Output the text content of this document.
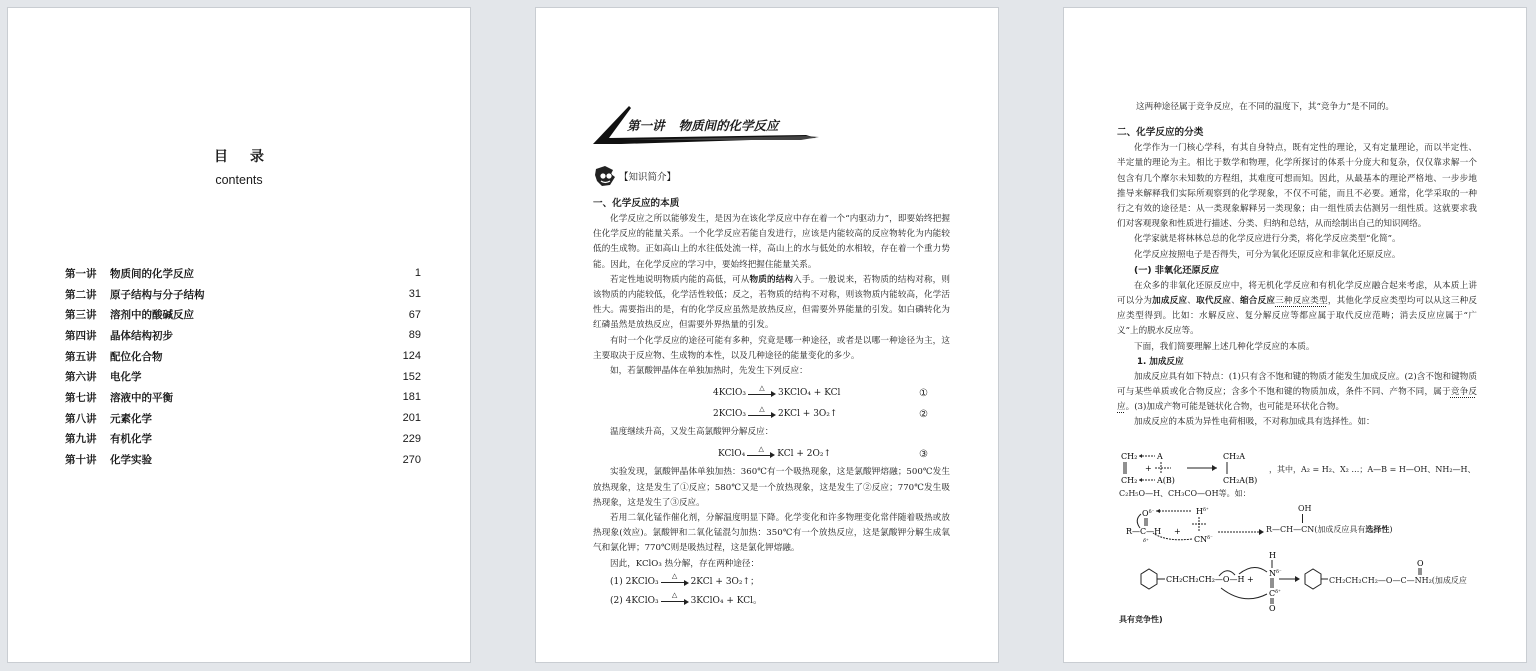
目录
contents
第一讲	物质间的化学反应	1
第二讲	原子结构与分子结构	31
第三讲	溶剂中的酸碱反应	67
第四讲	晶体结构初步	89
第五讲	配位化合物	124
第六讲	电化学	152
第七讲	溶液中的平衡	181
第八讲	元素化学	201
第九讲	有机化学	229
第十讲	化学实验	270
第一讲 物质间的化学反应
【知识简介】

一、化学反应的本质

化学反应之所以能够发生，是因为在该化学反应中存在着一个“内驱动力”，即要始终把握住化学反应的能量关系。一个化学反应若能自发进行，应该是内能较高的反应物转化为内能较低的生成物。正如高山上的水往低处流一样，高山上的水与低处的水相较，存在着一个重力势能。因此，在化学反应的学习中，要始终把握住能量关系。

若定性地说明物质内能的高低，可从物质的结构入手。一般说来，若物质的结构对称，则该物质的内能较低，化学活性较低；反之，若物质的结构不对称，则该物质内能较高，化学活性大。需要指出的是，有的化学反应虽然是放热反应，但需要外界能量的引发。如白磷转化为红磷虽然是放热反应，但需要外界热量的引发。

有时一个化学反应的途径可能有多种，究竟是哪一种途径，或者是以哪一种途径为主，这主要取决于反应物、生成物的本性，以及几种途径的能量变化的多少。

如，若氯酸钾晶体在单独加热时，先发生下列反应：

4KClO₃
△
3KClO₄ + KCl	①
2KClO₃
△
2KCl + 3O₂↑	②

温度继续升高，又发生高氯酸钾分解反应：

KClO₄
△
KCl + 2O₂↑	③

实验发现，氯酸钾晶体单独加热：360℃有一个吸热现象，这是氯酸钾熔融；500℃发生放热现象，这是发生了①反应；580℃又是一个放热现象，这是发生了②反应；770℃发生吸热现象，这是发生了③反应。

若用二氧化锰作催化剂，分解温度明显下降。化学变化和许多物理变化常伴随着吸热或放热现象(效应)。氯酸钾和二氧化锰混匀加热：350℃有一个放热反应，这是氯酸钾分解生成氧气和氯化钾；770℃则是吸热过程，这是氯化钾熔融。

因此，KClO₃ 热分解，存在两种途径：

(1) 2KClO₃
△
2KCl + 3O₂↑；
(2) 4KClO₃
△
3KClO₄ + KCl。

这两种途径属于竞争反应，在不同的温度下，其“竞争力”是不同的。

二、化学反应的分类

化学作为一门核心学科，有其自身特点，既有定性的理论，又有定量理论，而以半定性、半定量的理论为主。相比于数学和物理，化学所探讨的体系十分庞大和复杂，仅仅靠求解一个包含有几个摩尔未知数的方程组，其难度可想而知。因此，从最基本的理论严格地、一步步地推导来解释我们实际所观察到的化学现象，不仅不可能，而且不必要。通常，化学采取的一种行之有效的途径是：从一类现象解释另一类现象；由一组性质去估测另一组性质。这就要求我们对客观现象和性质进行描述、分类、归纳和总结，从而绘制出自己的知识网络。

化学家就是将林林总总的化学反应进行分类，将化学反应类型“化简”。

化学反应按照电子是否得失，可分为氧化还原反应和非氧化还原反应。

(一) 非氧化还原反应

在众多的非氧化还原反应中，将无机化学反应和有机化学反应融合起来考虑，从本质上讲可以分为加成反应、取代反应、缩合反应三种反应类型，其他化学反应类型均可以从这三种反应类型得到。比如：水解反应、复分解反应等都应属于取代反应范畴；消去反应应属于“广义”上的脱水反应等。

下面，我们简要理解上述几种化学反应的本质。

1. 加成反应

加成反应具有如下特点：(1)只有含不饱和键的物质才能发生加成反应。(2)含不饱和键物质可与某些单质或化合物反应；含多个不饱和键的物质加成，条件不同、产物不同，属于竞争反应。(3)加成产物可能是链状化合物，也可能是环状化合物。

加成反应的本质为异性电荷相吸，不对称加成具有选择性。如：

CH₂
CH₂
A
A(B)
+
CH₂A
CH₂A(B)
，其中，A₂ = H₂、X₂ …；A—B = H—OH、NH₂—H、
C₂H₅O—H、CH₃CO—OH等。如：
$O^{\delta^-}$
R—C—H
δ⁺
+
$H^{\delta^+}$
$CN^{\delta^-}$
OH
R—CH—CN(加成反应具有选择性)
CH₂CH₂CH₂—O—H +
H
$N^{\delta^-}$
$C^{\delta^+}$
O
O
CH₂CH₂CH₂—O—C—NH₂(加成反应
具有竞争性)
